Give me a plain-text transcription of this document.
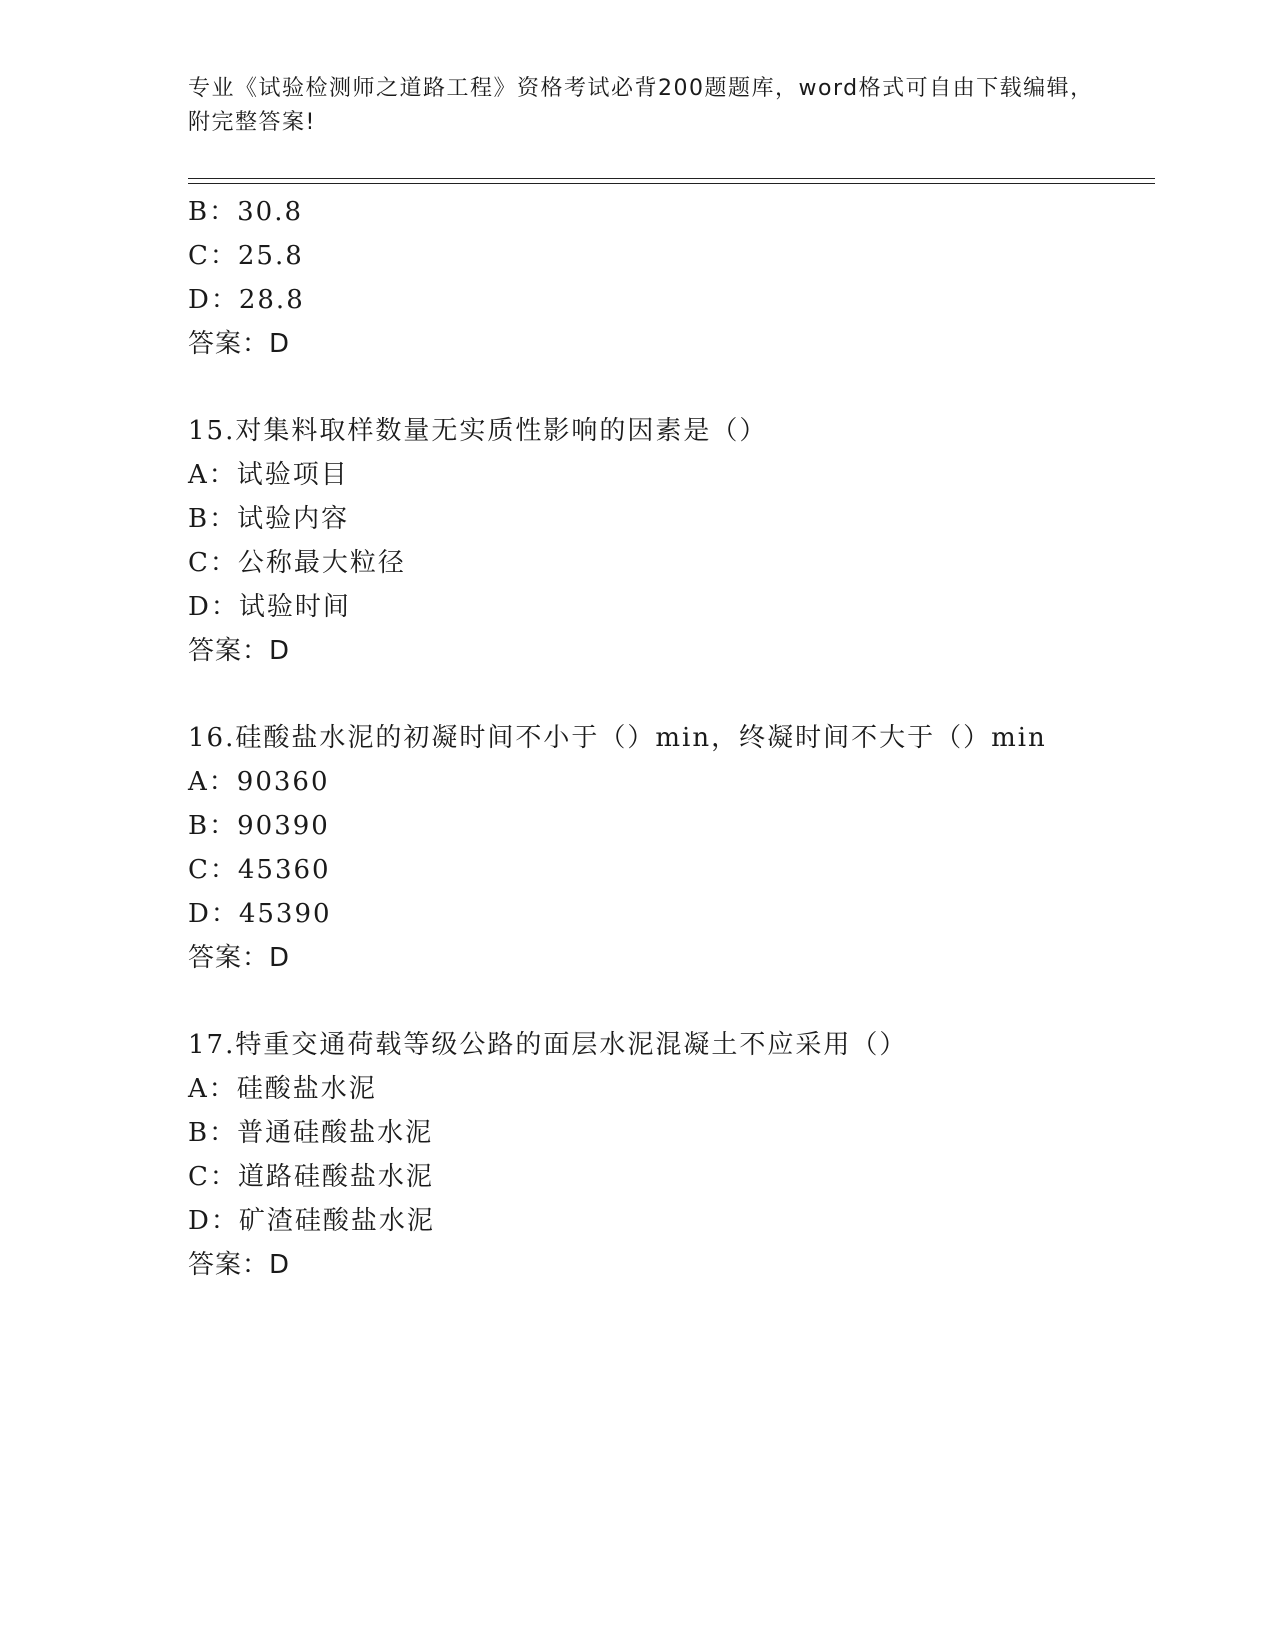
专业《试验检测师之道路工程》资格考试必背200题题库，word格式可自由下载编辑，附完整答案!
B：30.8
C：25.8
D：28.8
答案：D
15.对集料取样数量无实质性影响的因素是（）
A：试验项目
B：试验内容
C：公称最大粒径
D：试验时间
答案：D
16.硅酸盐水泥的初凝时间不小于（）min，终凝时间不大于（）min
A：90360
B：90390
C：45360
D：45390
答案：D
17.特重交通荷载等级公路的面层水泥混凝土不应采用（）
A：硅酸盐水泥
B：普通硅酸盐水泥
C：道路硅酸盐水泥
D：矿渣硅酸盐水泥
答案：D
